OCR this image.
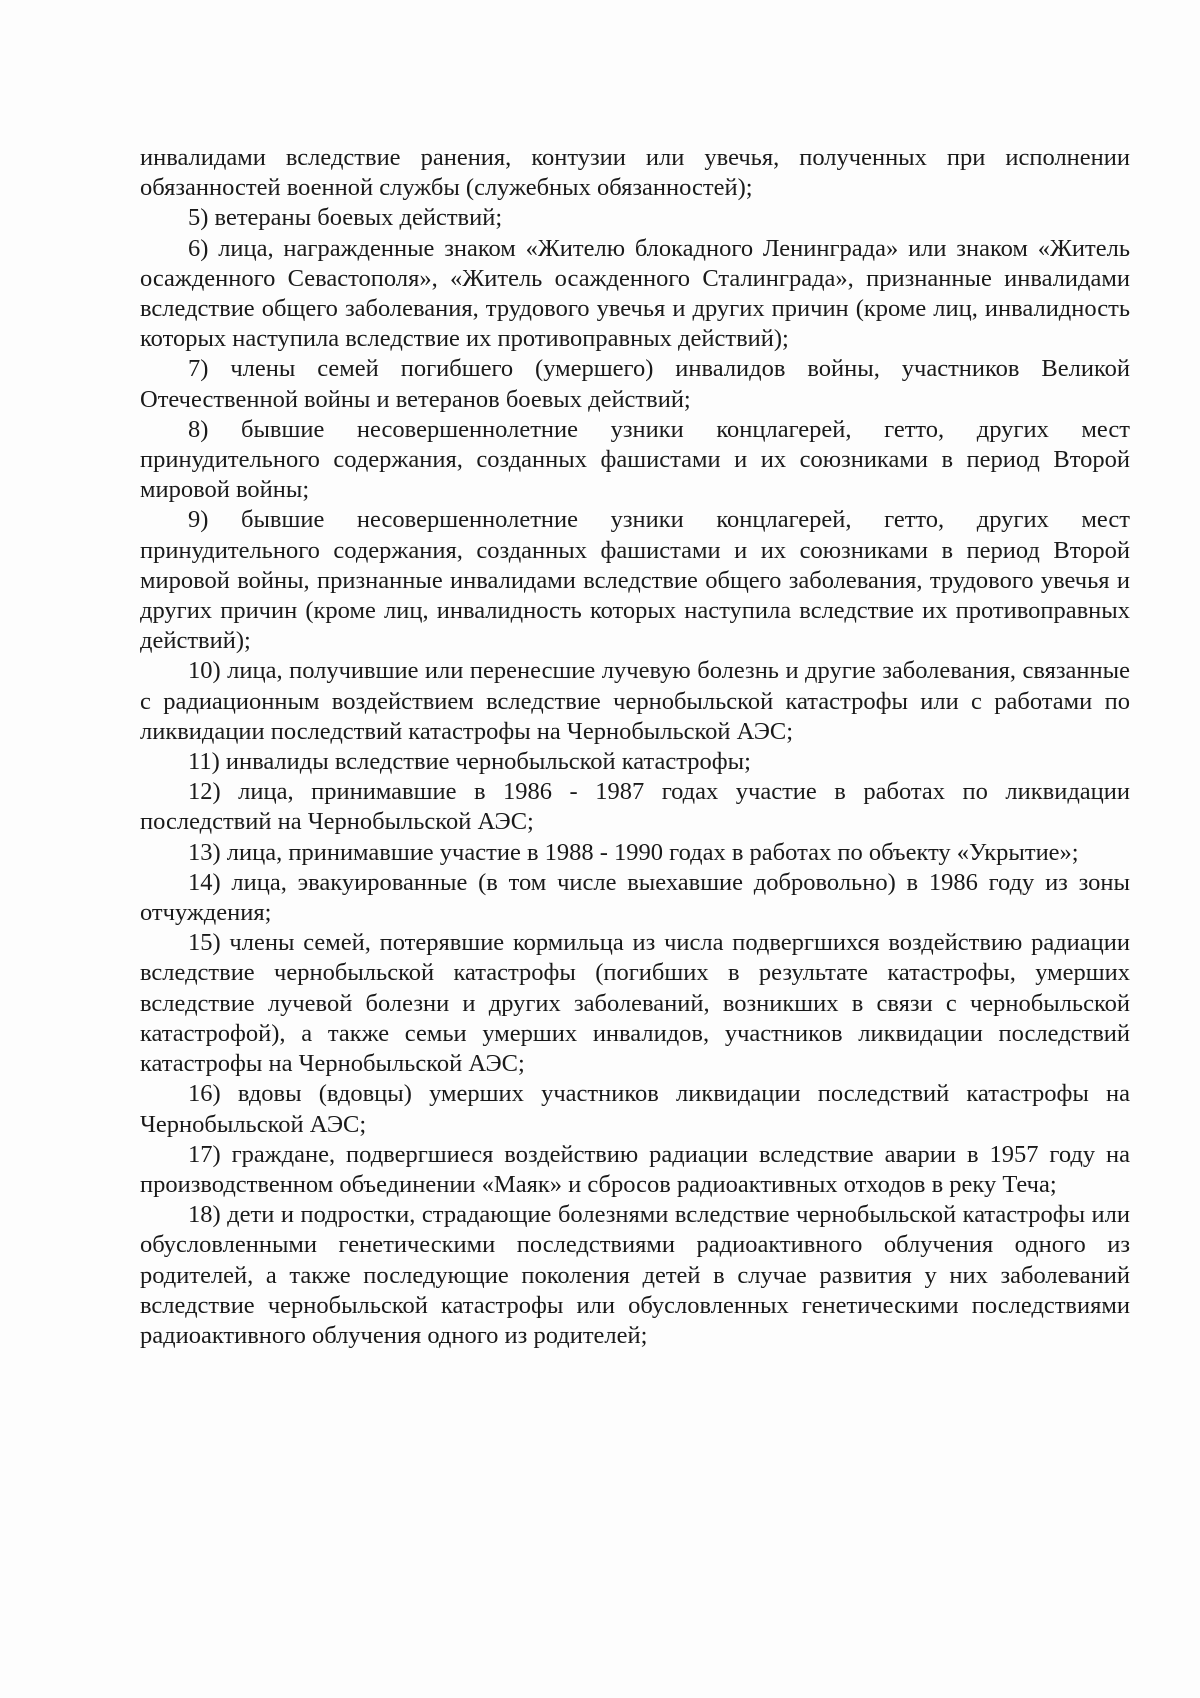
инвалидами вследствие ранения, контузии или увечья, полученных при исполнении обязанностей военной службы (служебных обязанностей);

5) ветераны боевых действий;

6) лица, награжденные знаком «Жителю блокадного Ленинграда» или знаком «Житель осажденного Севастополя», «Житель осажденного Сталинграда», признанные инвалидами вследствие общего заболевания, трудового увечья и других причин (кроме лиц, инвалидность которых наступила вследствие их противоправных действий);

7) члены семей погибшего (умершего) инвалидов войны, участников Великой Отечественной войны и ветеранов боевых действий;

8) бывшие несовершеннолетние узники концлагерей, гетто, других мест принудительного содержания, созданных фашистами и их союзниками в период Второй мировой войны;

9) бывшие несовершеннолетние узники концлагерей, гетто, других мест принудительного содержания, созданных фашистами и их союзниками в период Второй мировой войны, признанные инвалидами вследствие общего заболевания, трудового увечья и других причин (кроме лиц, инвалидность которых наступила вследствие их противоправных действий);

10) лица, получившие или перенесшие лучевую болезнь и другие заболевания, связанные с радиационным воздействием вследствие чернобыльской катастрофы или с работами по ликвидации последствий катастрофы на Чернобыльской АЭС;

11) инвалиды вследствие чернобыльской катастрофы;

12) лица, принимавшие в 1986 - 1987 годах участие в работах по ликвидации последствий на Чернобыльской АЭС;

13) лица, принимавшие участие в 1988 - 1990 годах в работах по объекту «Укрытие»;

14) лица, эвакуированные (в том числе выехавшие добровольно) в 1986 году из зоны отчуждения;

15) члены семей, потерявшие кормильца из числа подвергшихся воздействию радиации вследствие чернобыльской катастрофы (погибших в результате катастрофы, умерших вследствие лучевой болезни и других заболеваний, возникших в связи с чернобыльской катастрофой), а также семьи умерших инвалидов, участников ликвидации последствий катастрофы на Чернобыльской АЭС;

16) вдовы (вдовцы) умерших участников ликвидации последствий катастрофы на Чернобыльской АЭС;

17) граждане, подвергшиеся воздействию радиации вследствие аварии в 1957 году на производственном объединении «Маяк» и сбросов радиоактивных отходов в реку Теча;

18) дети и подростки, страдающие болезнями вследствие чернобыльской катастрофы или обусловленными генетическими последствиями радиоактивного облучения одного из родителей, а также последующие поколения детей в случае развития у них заболеваний вследствие чернобыльской катастрофы или обусловленных генетическими последствиями радиоактивного облучения одного из родителей;
